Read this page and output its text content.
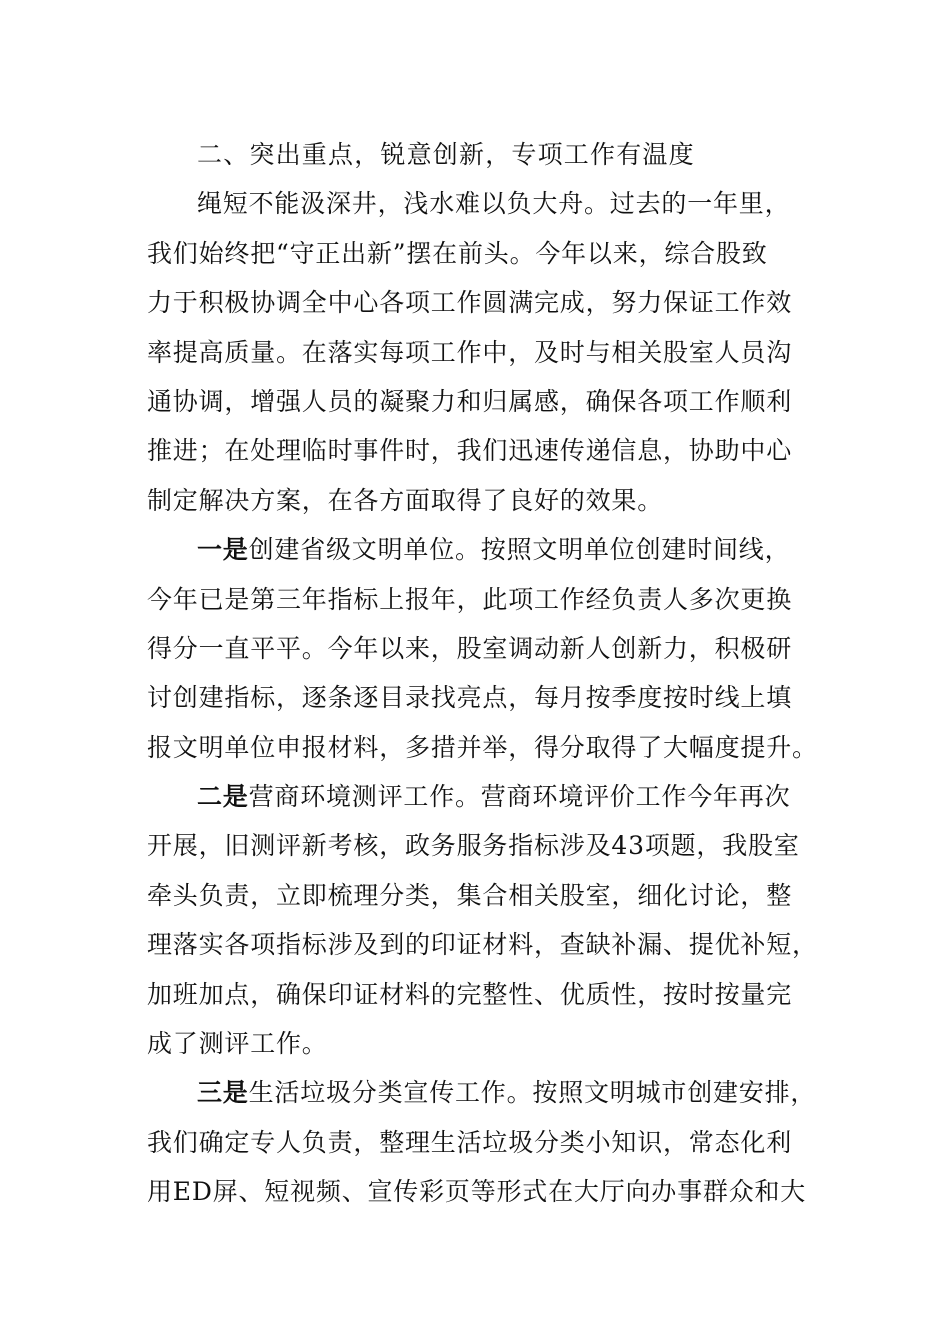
二、突出重点，锐意创新，专项工作有温度
绳短不能汲深井，浅水难以负大舟。过去的一年里，
我们始终把“守正出新”摆在前头。今年以来，综合股致
力于积极协调全中心各项工作圆满完成，努力保证工作效
率提高质量。在落实每项工作中，及时与相关股室人员沟
通协调，增强人员的凝聚力和归属感，确保各项工作顺利
推进；在处理临时事件时，我们迅速传递信息，协助中心
制定解决方案，在各方面取得了良好的效果。
一是创建省级文明单位。按照文明单位创建时间线，
今年已是第三年指标上报年，此项工作经负责人多次更换
得分一直平平。今年以来，股室调动新人创新力，积极研
讨创建指标，逐条逐目录找亮点，每月按季度按时线上填
报文明单位申报材料，多措并举，得分取得了大幅度提升。
二是营商环境测评工作。营商环境评价工作今年再次
开展，旧测评新考核，政务服务指标涉及43项题，我股室
牵头负责，立即梳理分类，集合相关股室，细化讨论，整
理落实各项指标涉及到的印证材料，查缺补漏、提优补短，
加班加点，确保印证材料的完整性、优质性，按时按量完
成了测评工作。
三是生活垃圾分类宣传工作。按照文明城市创建安排，
我们确定专人负责，整理生活垃圾分类小知识，常态化利
用ED屏、短视频、宣传彩页等形式在大厅向办事群众和大
